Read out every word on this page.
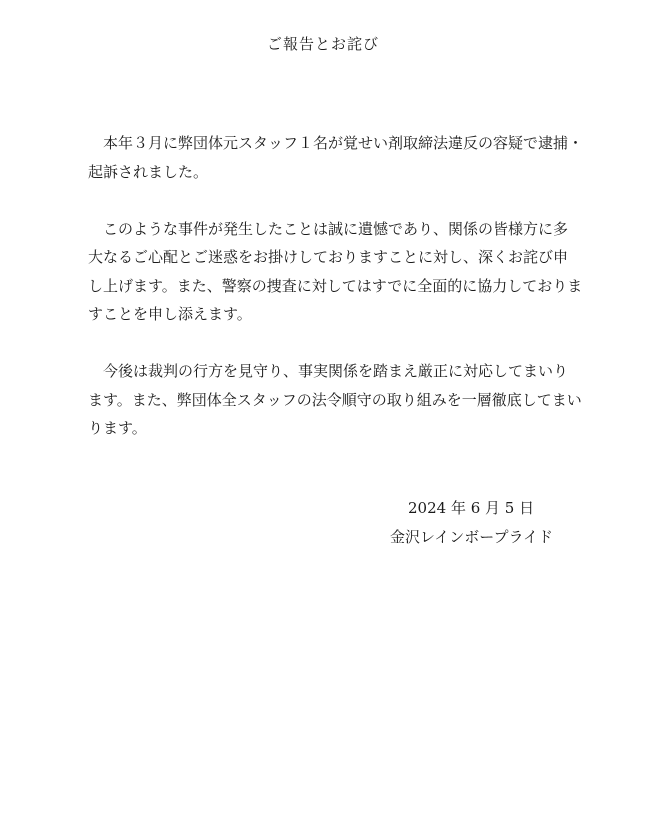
ご報告とお詫び

本年３月に弊団体元スタッフ１名が覚せい剤取締法違反の容疑で逮捕・
起訴されました。

このような事件が発生したことは誠に遺憾であり、関係の皆様方に多
大なるご心配とご迷惑をお掛けしておりますことに対し、深くお詫び申
し上げます。また、警察の捜査に対してはすでに全面的に協力しておりま
すことを申し添えます。

今後は裁判の行方を見守り、事実関係を踏まえ厳正に対応してまいり
ます。また、弊団体全スタッフの法令順守の取り組みを一層徹底してまい
ります。

2024 年 6 月 5 日
金沢レインボープライド
